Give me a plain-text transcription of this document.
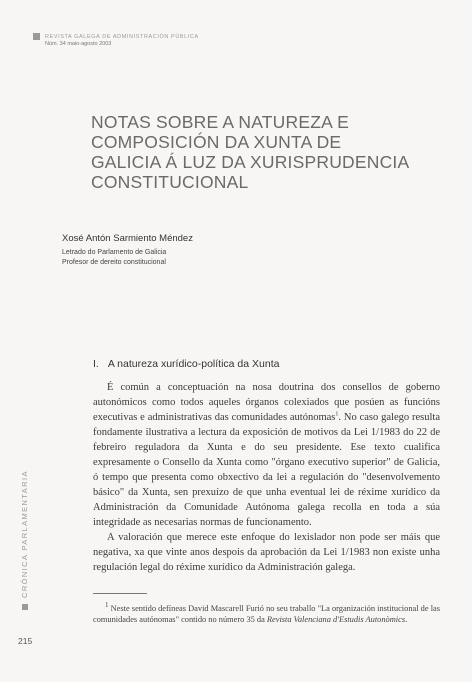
REVISTA GALEGA DE ADMINISTRACIÓN PÚBLICA
Núm. 34 maio-agosto 2003
NOTAS SOBRE A NATUREZA E
COMPOSICIÓN DA XUNTA DE
GALICIA Á LUZ DA XURISPRUDENCIA
CONSTITUCIONAL
Xosé Antón Sarmiento Méndez
Letrado do Parlamento de Galicia
Profesor de dereito constitucional
I. A natureza xurídico-política da Xunta

É común a conceptuación na nosa doutrina dos consellos de goberno autonómicos como todos aqueles órganos colexiados que posúen as funcións executivas e administrativas das comunidades autónomas$^1$. No caso galego resulta fondamente ilustrativa a lectura da exposición de motivos da Lei 1/1983 do 22 de febreiro reguladora da Xunta e do seu presidente. Ese texto cualifica expresamente o Consello da Xunta como "órgano executivo superior" de Galicia, ó tempo que presenta como obxectivo da lei a regulación do "desenvolvemento básico" da Xunta, sen prexuízo de que unha eventual lei de réxime xurídico da Administración da Comunidade Autónoma galega recolla en toda a súa integridade as necesarias normas de funcionamento.

A valoración que merece este enfoque do lexislador non pode ser máis que negativa, xa que vinte anos despois da aprobación da Lei 1/1983 non existe unha regulación legal do réxime xurídico da Administración galega.

$^1$ Neste sentido defíneas David Mascarell Furió no seu traballo "La organización institucional de las comunidades autónomas" contido no número 35 da Revista Valenciana d'Estudis Autonòmics.

CRÓNICA PARLAMENTARIA
215
